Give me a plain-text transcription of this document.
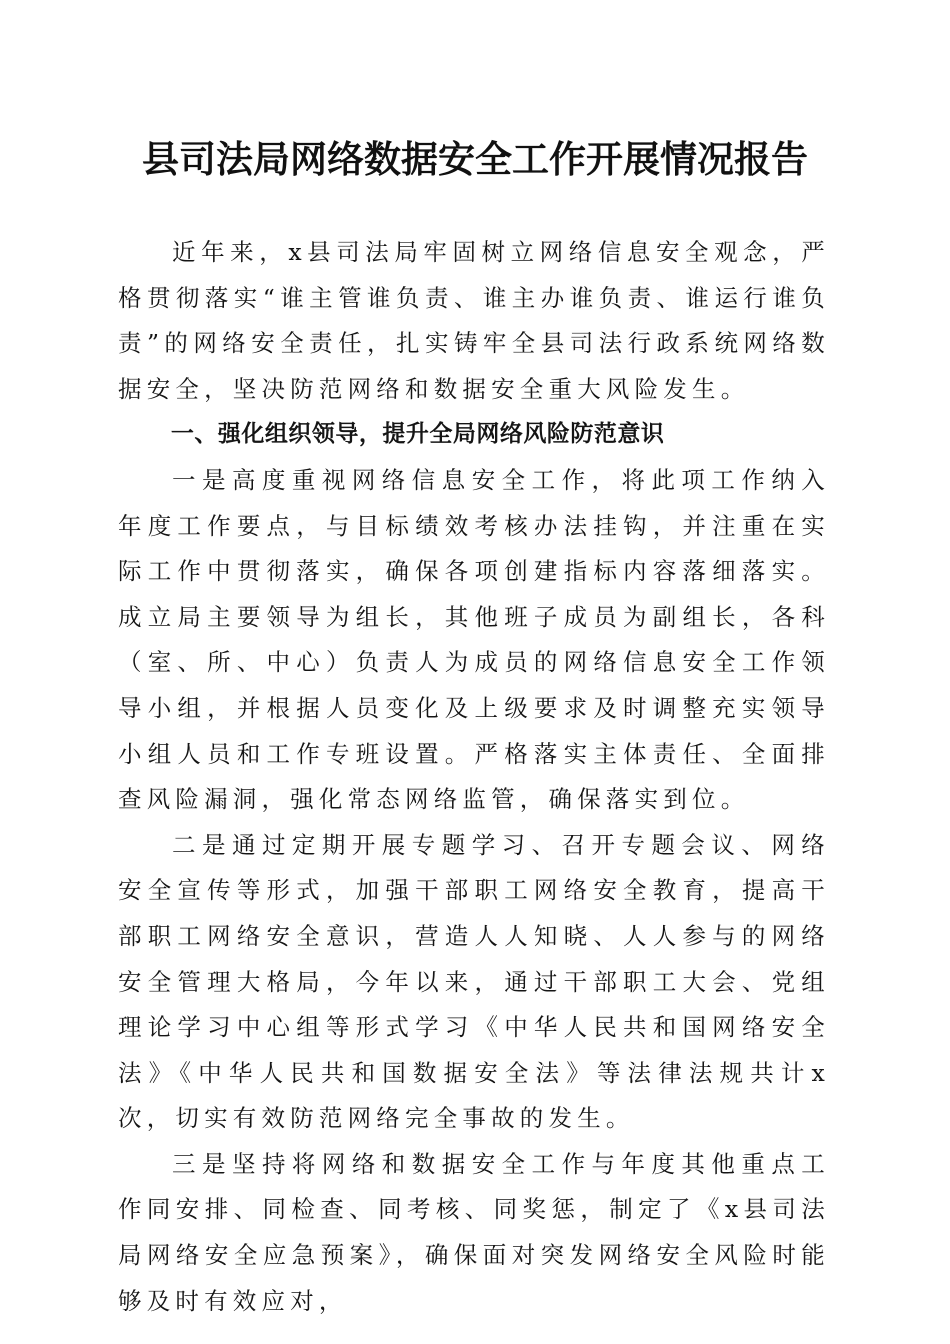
县司法局网络数据安全工作开展情况报告

近年来，x县司法局牢固树立网络信息安全观念，严格贯彻落实“谁主管谁负责、谁主办谁负责、谁运行谁负责”的网络安全责任，扎实铸牢全县司法行政系统网络数据安全，坚决防范网络和数据安全重大风险发生。

一、强化组织领导，提升全局网络风险防范意识

一是高度重视网络信息安全工作，将此项工作纳入年度工作要点，与目标绩效考核办法挂钩，并注重在实际工作中贯彻落实，确保各项创建指标内容落细落实。成立局主要领导为组长，其他班子成员为副组长，各科（室、所、中心）负责人为成员的网络信息安全工作领导小组，并根据人员变化及上级要求及时调整充实领导小组人员和工作专班设置。严格落实主体责任、全面排查风险漏洞，强化常态网络监管，确保落实到位。

二是通过定期开展专题学习、召开专题会议、网络安全宣传等形式，加强干部职工网络安全教育，提高干部职工网络安全意识，营造人人知晓、人人参与的网络安全管理大格局，今年以来，通过干部职工大会、党组理论学习中心组等形式学习《中华人民共和国网络安全法》《中华人民共和国数据安全法》等法律法规共计x次，切实有效防范网络完全事故的发生。

三是坚持将网络和数据安全工作与年度其他重点工作同安排、同检查、同考核、同奖惩，制定了《x县司法局网络安全应急预案》，确保面对突发网络安全风险时能够及时有效应对，
